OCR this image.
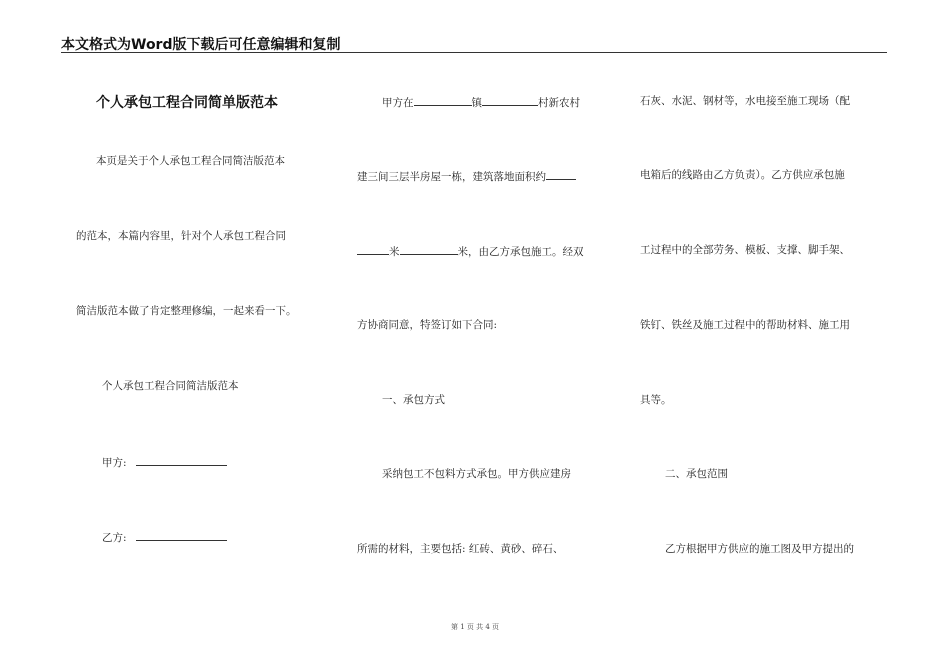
本文格式为Word版下载后可任意编辑和复制
个人承包工程合同简单版范本
本页是关于个人承包工程合同简洁版范本
的范本，本篇内容里，针对个人承包工程合同
简洁版范本做了肯定整理修编，一起来看一下。
个人承包工程合同简洁版范本
甲方:
乙方:
甲方在	镇	村新农村
建三间三层半房屋一栋，建筑落地面积约
米	米，由乙方承包施工。经双
方协商同意，特签订如下合同:
一、承包方式
采纳包工不包料方式承包。甲方供应建房
所需的材料，主要包括: 红砖、黄砂、碎石、
石灰、水泥、钢材等，水电接至施工现场（配
电箱后的线路由乙方负责）。乙方供应承包施
工过程中的全部劳务、模板、支撑、脚手架、
铁钉、铁丝及施工过程中的帮助材料、施工用
具等。
二、承包范围
乙方根据甲方供应的施工图及甲方提出的
第 1 页 共 4 页
